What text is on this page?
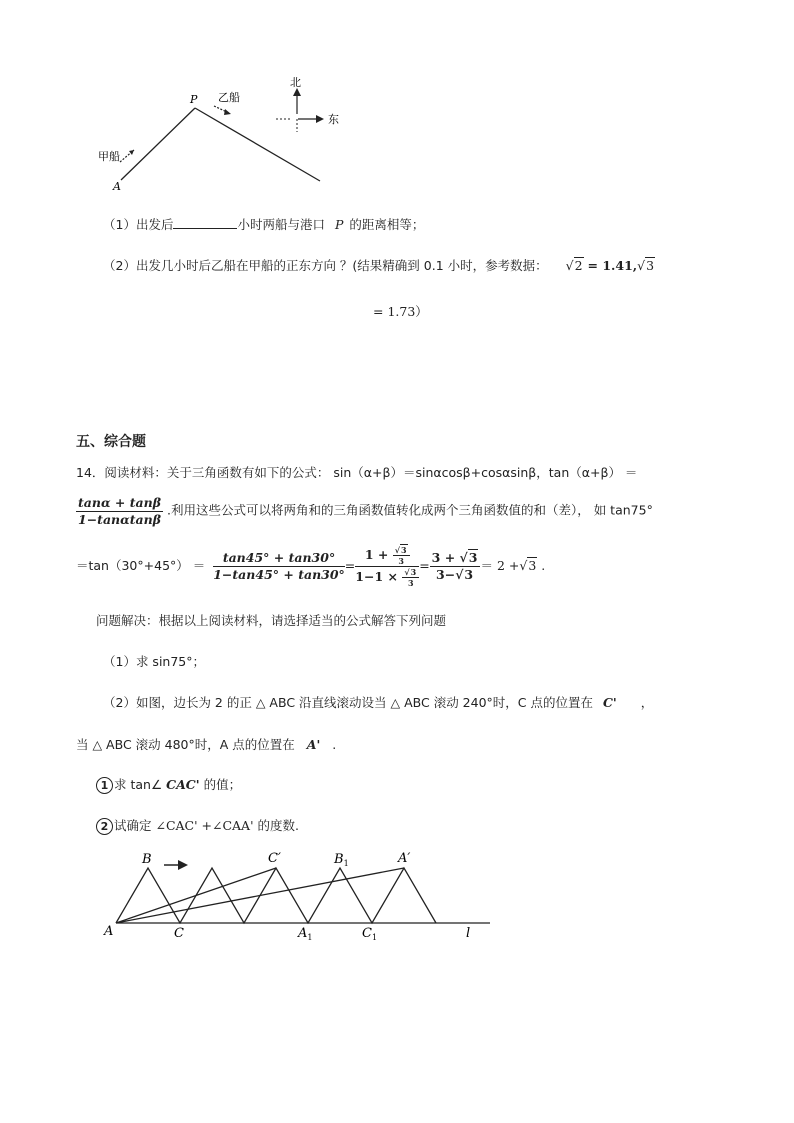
A
P
甲船
乙船
北
东
（1）出发后	小时两船与港口 P 的距离相等；
（2）出发几小时后乙船在甲船的正东方向 ？(结果精确到 0.1 小时，参考数据： √2 = 1.41,√3
= 1.73）
五、综合题
14．阅读材料：关于三角函数有如下的公式： sin（α+β）＝sinαcosβ+cosαsinβ，tan（α+β） ＝
$\frac{\tan\alpha + \tan\beta}{1-\tan\alpha\tan\beta}$ .利用这些公式可以将两角和的三角函数值转化成两个三角函数值的和（差）， 如 tan75°
$=\tan(30^\circ+45^\circ) = \frac{\tan 45^\circ + \tan 30^\circ}{1-\tan 45^\circ + \tan 30^\circ} = \frac{1 + \frac{√3}{3}}{1-1 \times \frac{√3}{3}} = \frac{3 + √3}{3-√3} = 2 +√3$ .
问题解决：根据以上阅读材料，请选择适当的公式解答下列问题
（1）求 sin75°；
（2）如图，边长为 2 的正 △ ABC 沿直线滚动设当 △ ABC 滚动 240°时，C 点的位置在 C' ，
当 △ ABC 滚动 480°时，A 点的位置在 A' .
1 求 tan∠ CAC' 的值；
2 试确定 ∠CAC' +∠CAA' 的度数.
A
B
C
C′	$B_1$	A′
$A_1$	$C_1$	l
